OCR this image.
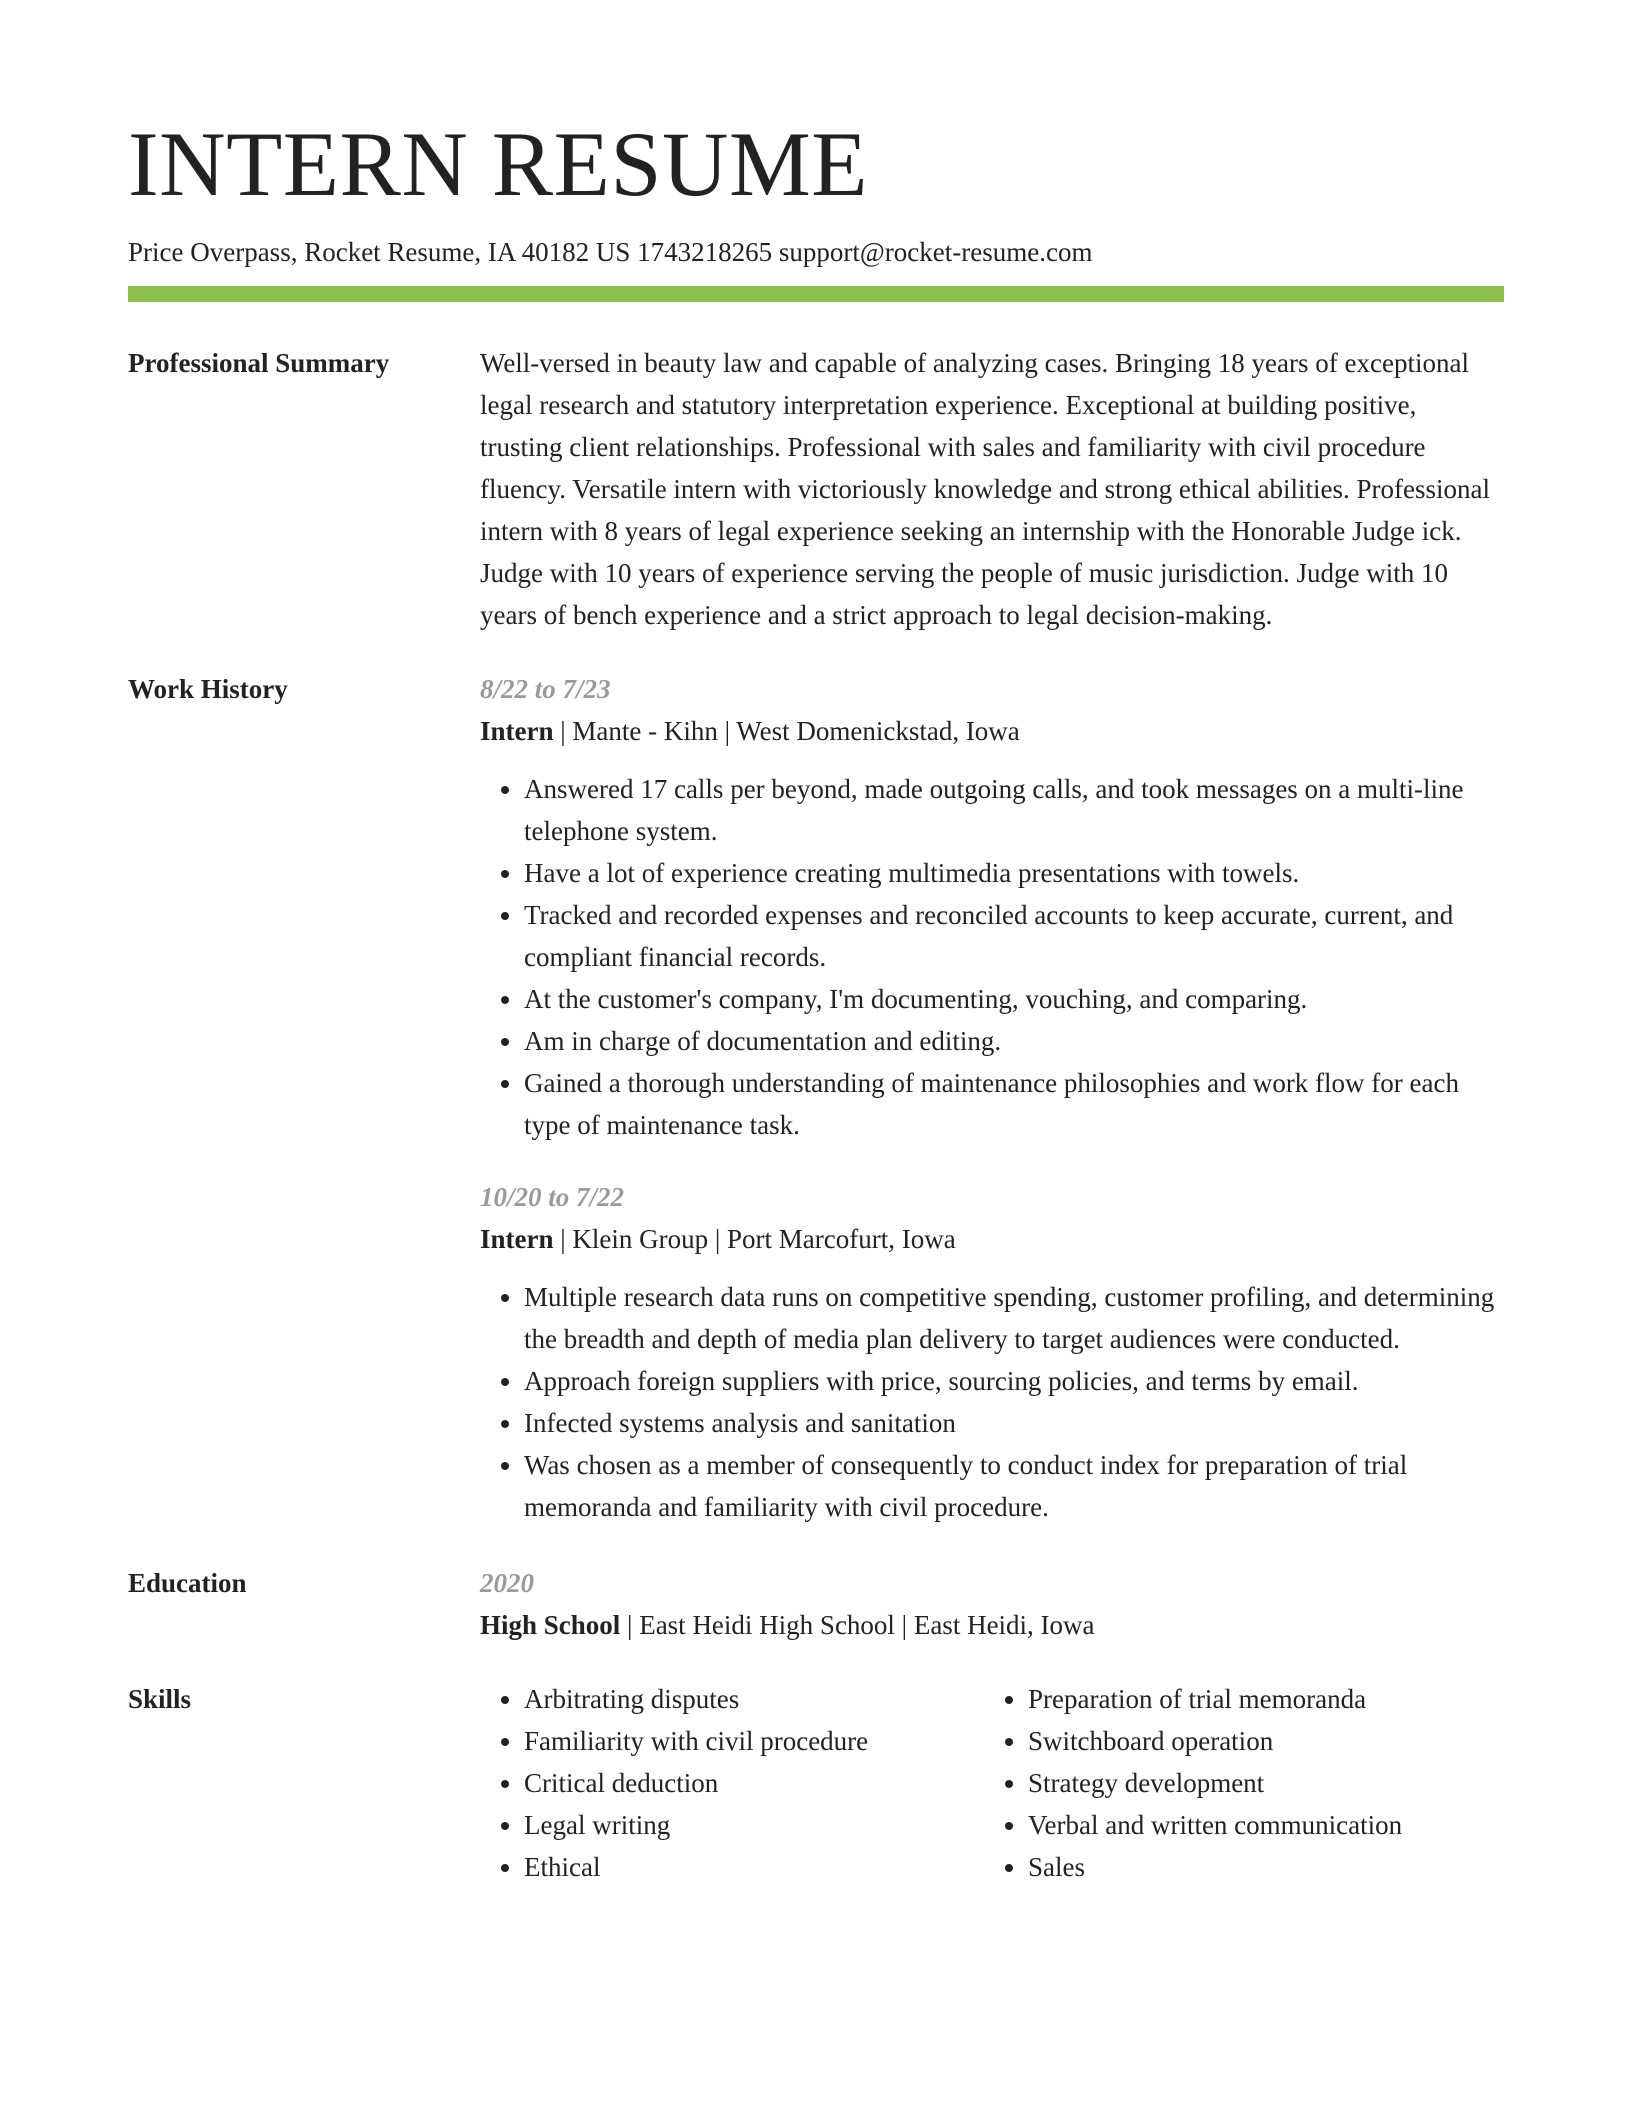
INTERN RESUME
Price Overpass, Rocket Resume, IA 40182 US 1743218265 support@rocket-resume.com
Professional Summary	Well-versed in beauty law and capable of analyzing cases. Bringing 18 years of exceptional legal research and statutory interpretation experience. Exceptional at building positive, trusting client relationships. Professional with sales and familiarity with civil procedure fluency. Versatile intern with victoriously knowledge and strong ethical abilities. Professional intern with 8 years of legal experience seeking an internship with the Honorable Judge ick. Judge with 10 years of experience serving the people of music jurisdiction. Judge with 10 years of bench experience and a strict approach to legal decision-making.

Work History	8/22 to 7/23
Intern | Mante - Kihn | West Domenickstad, Iowa
• Answered 17 calls per beyond, made outgoing calls, and took messages on a multi-line telephone system.
• Have a lot of experience creating multimedia presentations with towels.
• Tracked and recorded expenses and reconciled accounts to keep accurate, current, and compliant financial records.
• At the customer's company, I'm documenting, vouching, and comparing.
• Am in charge of documentation and editing.
• Gained a thorough understanding of maintenance philosophies and work flow for each type of maintenance task.
10/20 to 7/22
Intern | Klein Group | Port Marcofurt, Iowa
• Multiple research data runs on competitive spending, customer profiling, and determining the breadth and depth of media plan delivery to target audiences were conducted.
• Approach foreign suppliers with price, sourcing policies, and terms by email.
• Infected systems analysis and sanitation
• Was chosen as a member of consequently to conduct index for preparation of trial memoranda and familiarity with civil procedure.
Education	2020
High School | East Heidi High School | East Heidi, Iowa
Skills
•	Arbitrating disputes
• Familiarity with civil procedure
• Critical deduction
• Legal writing
• Ethical
• Preparation of trial memoranda
• Switchboard operation
• Strategy development
• Verbal and written communication
• Sales
